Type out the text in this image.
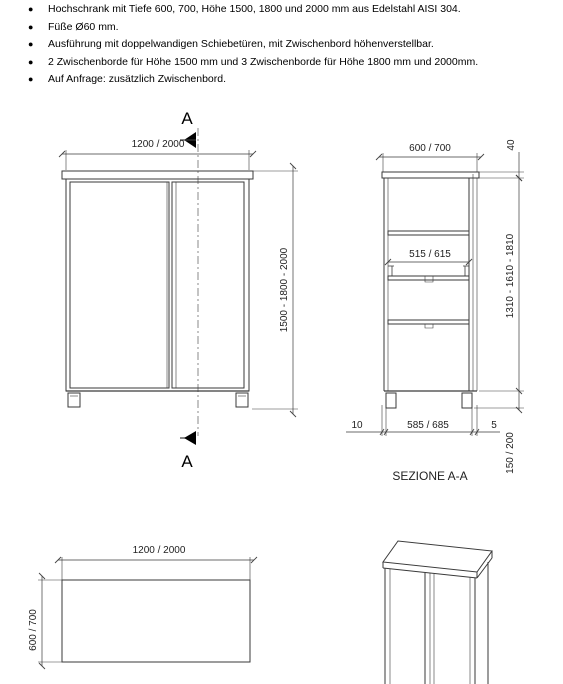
● Hochschrank mit Tiefe 600, 700, Höhe 1500, 1800 und 2000 mm aus Edelstahl AISI 304.
● Füße Ø60 mm.
● Ausführung mit doppelwandigen Schiebetüren, mit Zwischenbord höhenverstellbar.
● 2 Zwischenborde für Höhe 1500 mm und 3 Zwischenborde für Höhe 1800 mm und 2000mm.
● Auf Anfrage: zusätzlich Zwischenbord.
A
1200 / 2000
1500 - 1800 - 2000
A
600 / 700	40
515 / 615	1310 - 1610 - 1810
150 / 200
10	585 / 685	5
SEZIONE A-A
1200 / 2000
600 / 700
